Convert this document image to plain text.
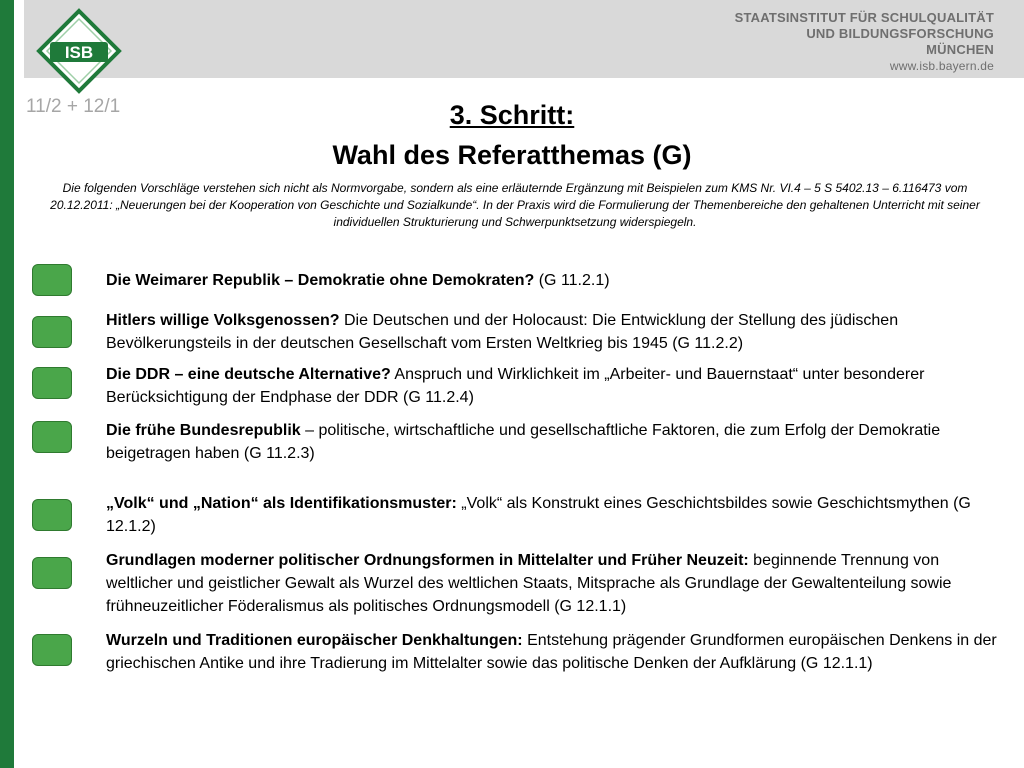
ISB
STAATSINSTITUT FÜR SCHULQUALITÄT
UND BILDUNGSFORSCHUNG
MÜNCHEN
www.isb.bayern.de
11/2 + 12/1	3. Schritt:
Wahl des Referatthemas (G)
Die folgenden Vorschläge verstehen sich nicht als Normvorgabe, sondern als eine erläuternde Ergänzung mit Beispielen zum KMS Nr. VI.4 – 5 S 5402.13 – 6.116473 vom 20.12.2011: „Neuerungen bei der Kooperation von Geschichte und Sozialkunde“. In der Praxis wird die Formulierung der Themenbereiche den gehaltenen Unterricht mit seiner individuellen Strukturierung und Schwerpunktsetzung widerspiegeln.
Die Weimarer Republik – Demokratie ohne Demokraten? (G 11.2.1)
Hitlers willige Volksgenossen? Die Deutschen und der Holocaust: Die Entwicklung der Stellung des jüdischen Bevölkerungsteils in der deutschen Gesellschaft vom Ersten Weltkrieg bis 1945 (G 11.2.2)
Die DDR – eine deutsche Alternative? Anspruch und Wirklichkeit im „Arbeiter- und Bauernstaat“ unter besonderer Berücksichtigung der Endphase der DDR (G 11.2.4)
Die frühe Bundesrepublik – politische, wirtschaftliche und gesellschaftliche Faktoren, die zum Erfolg der Demokratie beigetragen haben (G 11.2.3)
„Volk“ und „Nation“ als Identifikationsmuster: „Volk“ als Konstrukt eines Geschichtsbildes sowie Geschichtsmythen (G 12.1.2)
Grundlagen moderner politischer Ordnungsformen in Mittelalter und Früher Neuzeit: beginnende Trennung von weltlicher und geistlicher Gewalt als Wurzel des weltlichen Staats, Mitsprache als Grundlage der Gewaltenteilung sowie frühneuzeitlicher Föderalismus als politisches Ordnungsmodell (G 12.1.1)
Wurzeln und Traditionen europäischer Denkhaltungen: Entstehung prägender Grundformen europäischen Denkens in der griechischen Antike und ihre Tradierung im Mittelalter sowie das politische Denken der Aufklärung (G 12.1.1)
